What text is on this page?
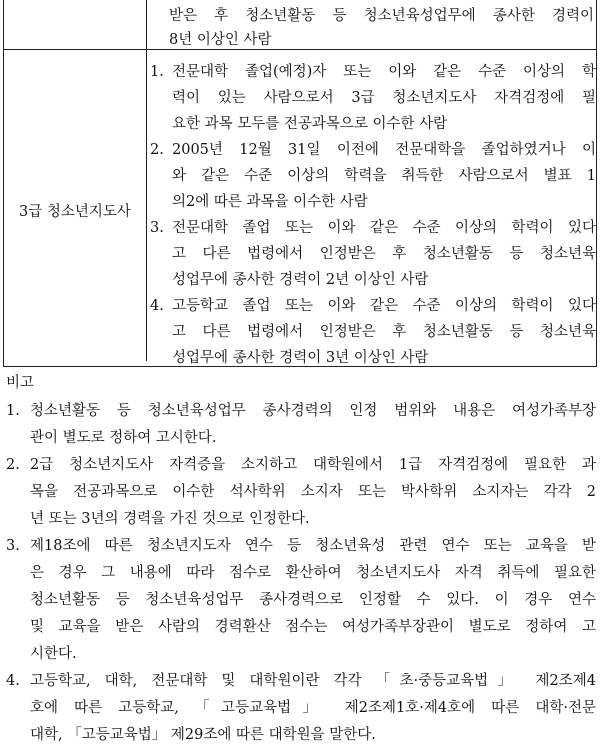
받은 후 청소년활동 등 청소년육성업무에 종사한 경력이

8년 이상인 사람

3급 청소년지도사
1. 전문대학 졸업(예정)자 또는 이와 같은 수준 이상의 학
력이 있는 사람으로서 3급 청소년지도사 자격검정에 필
요한 과목 모두를 전공과목으로 이수한 사람
2. 2005년 12월 31일 이전에 전문대학을 졸업하였거나 이
와 같은 수준 이상의 학력을 취득한 사람으로서 별표 1
의2에 따른 과목을 이수한 사람
3. 전문대학 졸업 또는 이와 같은 수준 이상의 학력이 있다
고 다른 법령에서 인정받은 후 청소년활동 등 청소년육
성업무에 종사한 경력이 2년 이상인 사람
4. 고등학교 졸업 또는 이와 같은 수준 이상의 학력이 있다
고 다른 법령에서 인정받은 후 청소년활동 등 청소년육
성업무에 종사한 경력이 3년 이상인 사람
비고
1. 청소년활동 등 청소년육성업무 종사경력의 인정 범위와 내용은 여성가족부장
관이 별도로 정하여 고시한다.
2. 2급 청소년지도사 자격증을 소지하고 대학원에서 1급 자격검정에 필요한 과
목을 전공과목으로 이수한 석사학위 소지자 또는 박사학위 소지자는 각각 2
년 또는 3년의 경력을 가진 것으로 인정한다.
3. 제18조에 따른 청소년지도자 연수 등 청소년육성 관련 연수 또는 교육을 받
은 경우 그 내용에 따라 점수로 환산하여 청소년지도사 자격 취득에 필요한
청소년활동 등 청소년육성업무 종사경력으로 인정할 수 있다. 이 경우 연수
및 교육을 받은 사람의 경력환산 점수는 여성가족부장관이 별도로 정하여 고
시한다.
4. 고등학교, 대학, 전문대학 및 대학원이란 각각 「초·중등교육법」 제2조제4
호에 따른 고등학교, 「고등교육법」 제2조제1호·제4호에 따른 대학·전문
대학, 「고등교육법」 제29조에 따른 대학원을 말한다.
